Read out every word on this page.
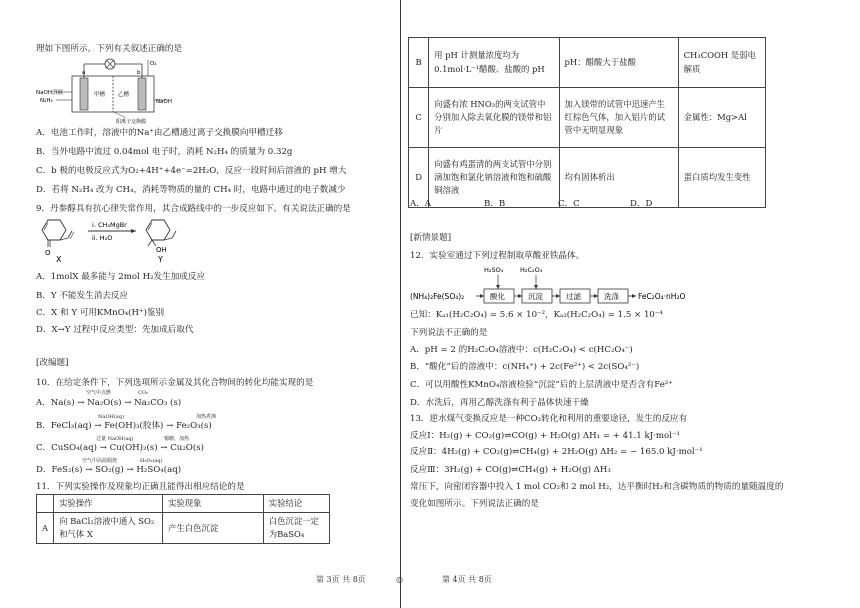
理如下图所示。下列有关叙述正确的是
NaOH溶液
N₂H₄
甲槽 乙槽
NaOH
O₂
阳离子交换膜
a	b
A．电池工作时，溶液中的Na⁺由乙槽通过离子交换膜向甲槽迁移
B．当外电路中流过 0.04mol 电子时，消耗 N₂H₄ 的质量为 0.32g
C．b 极的电极反应式为O₂+4H⁺+4e⁻=2H₂O，反应一段时间后溶液的 pH 增大
D．若将 N₂H₄ 改为 CH₄，消耗等物质的量的 CH₄ 时，电路中通过的电子数减少
9．丹参醇具有抗心律失常作用，其合成路线中的一步反应如下。有关说法正确的是
O
X
i. CH₃MgBr
ii. H₂O
OH
Y
A．1molX 最多能与 2mol H₂发生加成反应
B．Y 不能发生消去反应
C．X 和 Y 可用KMnO₄(H⁺)鉴别
D．X→Y 过程中反应类型：先加成后取代
[改编题]
10．在给定条件下，下列选项所示金属及其化合物间的转化均能实现的是
空气中点燃	CO₂
A．Na(s) → Na₂O(s) → Na₂CO₃ (s)
NaOH(aq)	加热煮沸
B．FeCl₃(aq) → Fe(OH)₃(胶体) → Fe₂O₃(s)
过量 NaOH(aq)	葡糖，加热
C．CuSO₄(aq) → Cu(OH)₂(s) → Cu₂O(s)
空气中高温煅烧	H₂O₂(aq)
D．FeS₂(s) → SO₂(g) → H₂SO₄(aq)
11．下列实验操作及现象均正确且能得出相应结论的是
	实验操作	实验现象	实验结论
A	向 BaCl₂溶液中通入 SO₂ 和气体 X	产生白色沉淀	白色沉淀一定为BaSO₄
第 3页 共 8页	◎
B	用 pH 计测量浓度均为 0.1mol·L⁻¹醋酸、盐酸的 pH	pH：醋酸大于盐酸	CH₃COOH 是弱电解质
C	向盛有浓 HNO₃的两支试管中分别加入除去氧化膜的镁带和铝片	加入镁带的试管中迅速产生红棕色气体，加入铝片的试管中无明显现象	金属性：Mg>Al
D	向盛有鸡蛋清的两支试管中分别滴加饱和氯化钠溶液和饱和硫酸铜溶液	均有固体析出	蛋白质均发生变性
A．A	B．B	C．C	D．D
[新情景题]
12．实验室通过下列过程制取草酸亚铁晶体。
(NH₄)₂Fe(SO₄)₂	酸化	沉淀	过滤	洗涤	FeC₂O₄·nH₂O
H₂SO₄	H₂C₂O₄
已知：Kₐ₁(H₂C₂O₄) = 5.6 × 10⁻²，Kₐ₂(H₂C₂O₄) = 1.5 × 10⁻⁴
下列说法不正确的是
A．pH = 2 的H₂C₂O₄溶液中：c(H₂C₂O₄) < c(HC₂O₄⁻)
B．“酸化”后的溶液中：c(NH₄⁺) + 2c(Fe²⁺) < 2c(SO₄²⁻)
C．可以用酸性KMnO₄溶液检验“沉淀”后的上层清液中是否含有Fe²⁺
D．水洗后，再用乙醇洗涤有利于晶体快速干燥
13．逆水煤气变换反应是一种CO₂转化和利用的重要途径，发生的反应有
反应Ⅰ：H₂(g) + CO₂(g)⇌CO(g) + H₂O(g) ΔH₁ = + 41.1 kJ·mol⁻¹
反应Ⅱ：4H₂(g) + CO₂(g)⇌CH₄(g) + 2H₂O(g) ΔH₂ = − 165.0 kJ·mol⁻¹
反应Ⅲ：3H₂(g) + CO(g)⇌CH₄(g) + H₂O(g) ΔH₃
常压下，向密闭容器中投入 1 mol CO₂和 2 mol H₂，达平衡时H₂和含碳物质的物质的量随温度的
变化如图所示。下列说法正确的是
第 4页 共 8页
